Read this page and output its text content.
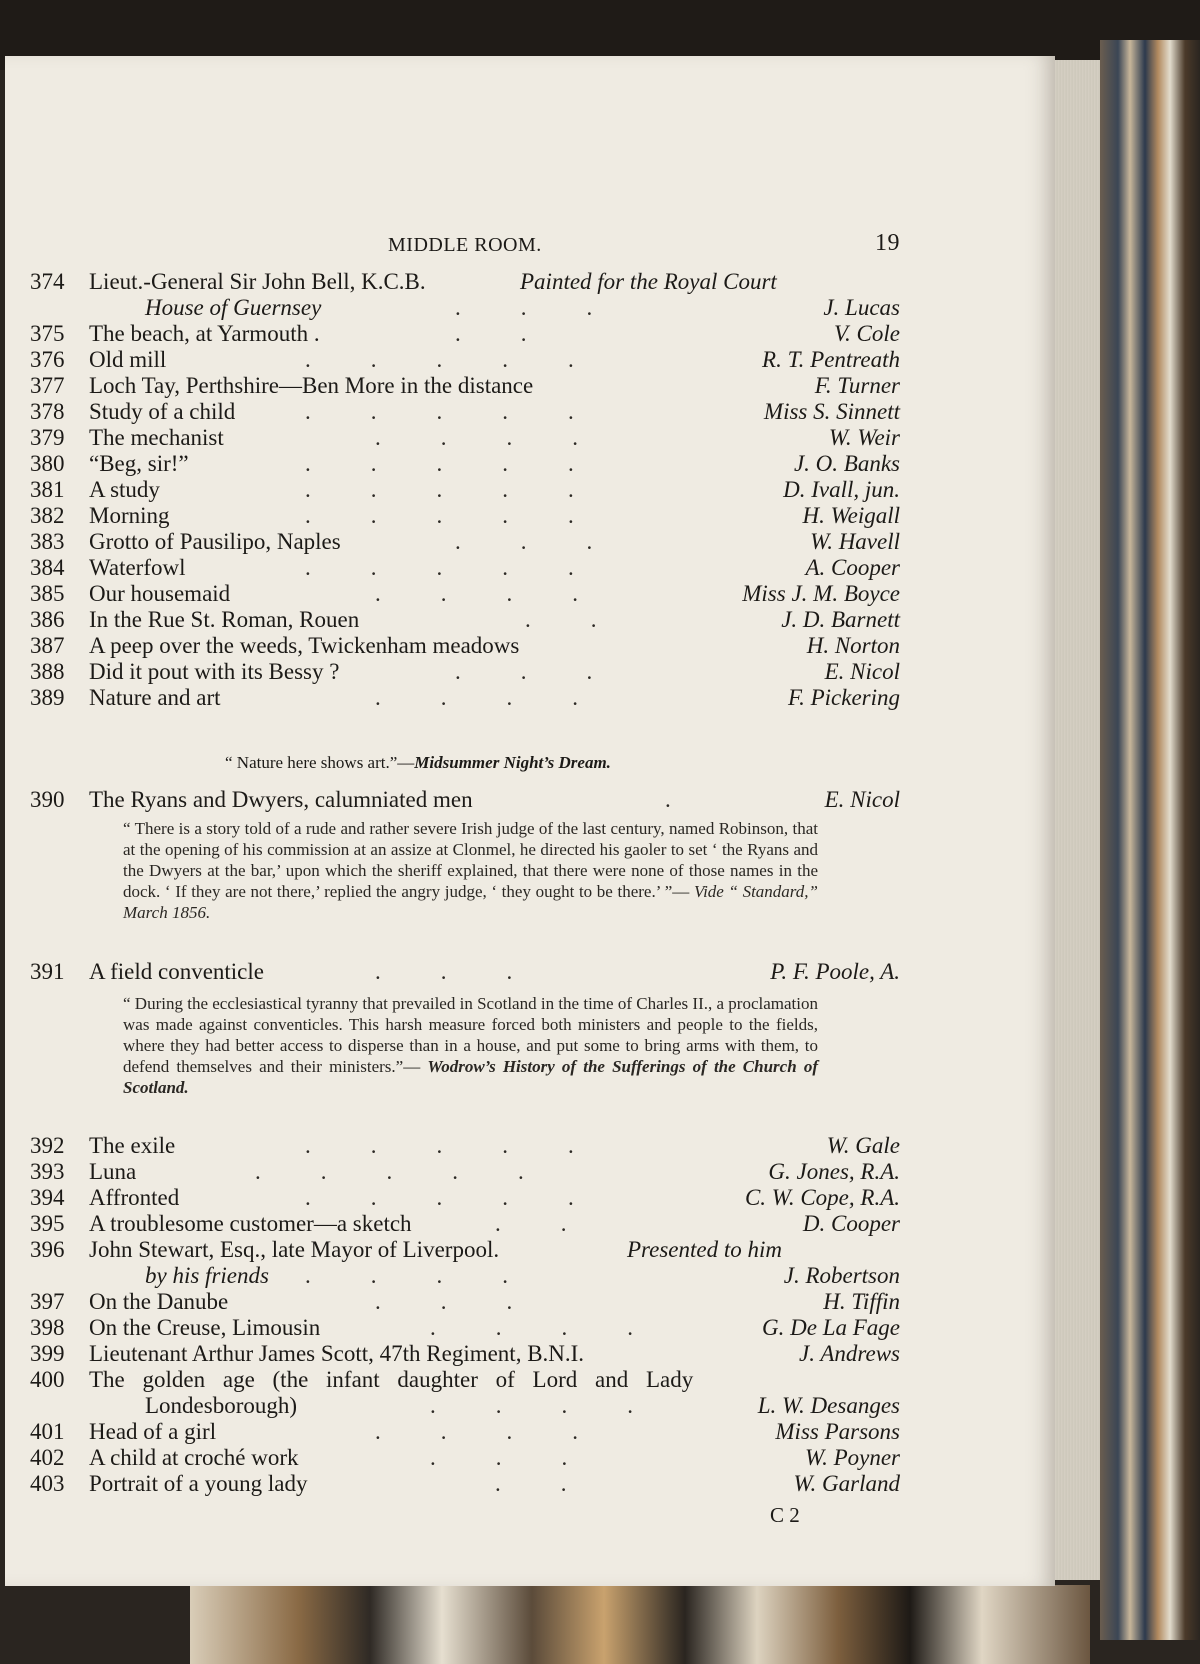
MIDDLE ROOM.	19
374 Lieut.-General Sir John Bell, K.C.B.	Painted for the Royal Court
House of Guernsey	...	J. Lucas
375 The beach, at Yarmouth .	..	V. Cole
376 Old mill	.....	R. T. Pentreath
377 Loch Tay, Perthshire—Ben More in the distance	F. Turner
378 Study of a child	.....	Miss S. Sinnett
379 The mechanist	....	W. Weir
380 “Beg, sir!”	.....	J. O. Banks
381 A study	.....	D. Ivall, jun.
382 Morning	.....	H. Weigall
383 Grotto of Pausilipo, Naples	...	W. Havell
384 Waterfowl	.....	A. Cooper
385 Our housemaid	....	Miss J. M. Boyce
386 In the Rue St. Roman, Rouen	..	J. D. Barnett
387 A peep over the weeds, Twickenham meadows	H. Norton
388 Did it pout with its Bessy ?	...	E. Nicol
389 Nature and art	....	F. Pickering
“ Nature here shows art.”—Midsummer Night’s Dream.
390 The Ryans and Dwyers, calumniated men	.	E. Nicol
“ There is a story told of a rude and rather severe Irish judge of the last century, named Robinson, that at the opening of his commission at an assize at Clonmel, he directed his gaoler to set ‘ the Ryans and the Dwyers at the bar,’ upon which the sheriff explained, that there were none of those names in the dock. ‘ If they are not there,’ replied the angry judge, ‘ they ought to be there.’ ”— Vide “ Standard,” March 1856.
391 A field conventicle	...	P. F. Poole, A.
“ During the ecclesiastical tyranny that prevailed in Scotland in the time of Charles II., a proclamation was made against conventicles. This harsh measure forced both ministers and people to the fields, where they had better access to disperse than in a house, and put some to bring arms with them, to defend themselves and their ministers.”— Wodrow’s History of the Sufferings of the Church of Scotland.
392 The exile	.....	W. Gale
393 Luna	.....	G. Jones, R.A.
394 Affronted	.....	C. W. Cope, R.A.
395 A troublesome customer—a sketch	..	D. Cooper
396 John Stewart, Esq., late Mayor of Liverpool.	Presented to him
by his friends ....	J. Robertson
397 On the Danube	...	H. Tiffin
398 On the Creuse, Limousin	....	G. De La Fage
399 Lieutenant Arthur James Scott, 47th Regiment, B.N.I.	J. Andrews
400 The golden age (the infant daughter of Lord and Lady
Londesborough)	....	L. W. Desanges
401 Head of a girl	....	Miss Parsons
402 A child at croché work	...	W. Poyner
403 Portrait of a young lady	..	W. Garland
C 2
